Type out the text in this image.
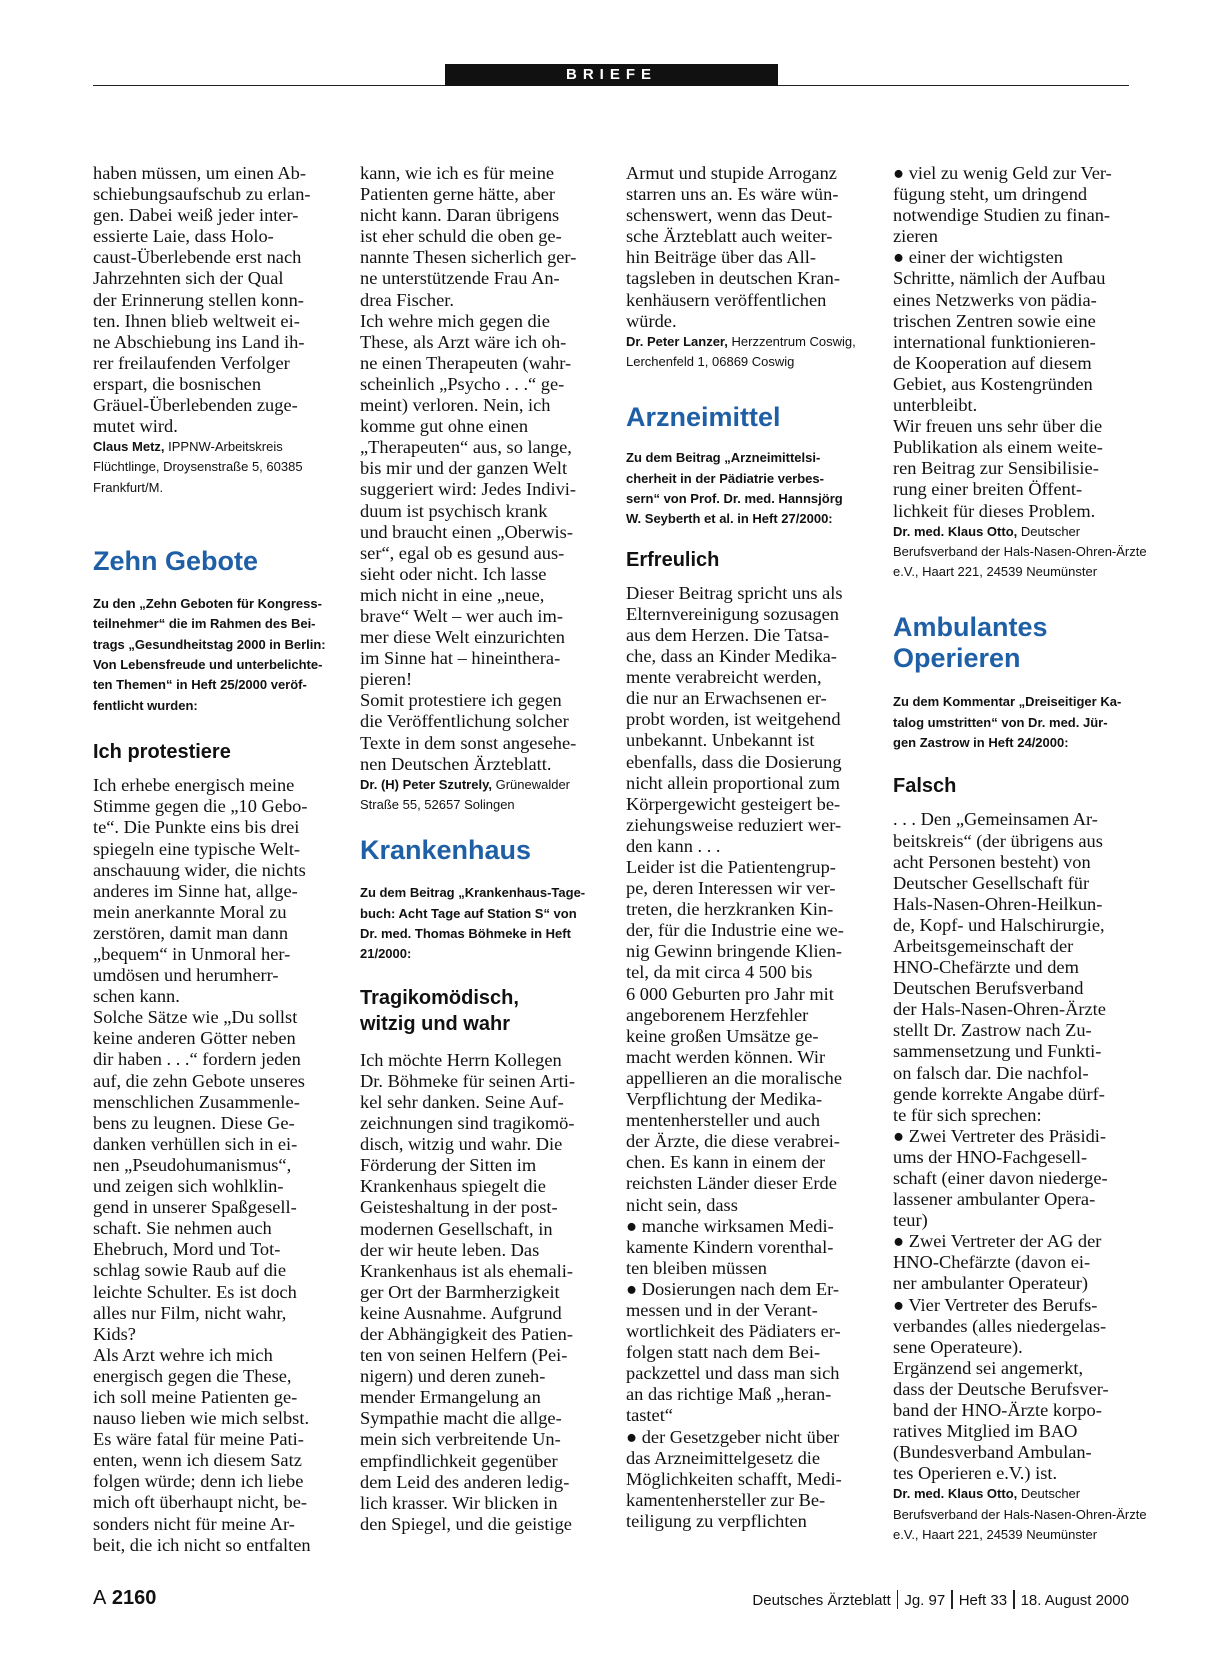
BRIEFE

haben müssen, um einen Ab-
schiebungsaufschub zu erlan-
gen. Dabei weiß jeder inter-
essierte Laie, dass Holo-
caust-Überlebende erst nach
Jahrzehnten sich der Qual
der Erinnerung stellen konn-
ten. Ihnen blieb weltweit ei-
ne Abschiebung ins Land ih-
rer freilaufenden Verfolger
erspart, die bosnischen
Gräuel-Überlebenden zuge-
mutet wird.

Claus Metz, IPPNW-Arbeitskreis
Flüchtlinge, Droysenstraße 5, 60385
Frankfurt/M.

Zehn Gebote

Zu den „Zehn Geboten für Kongress-
teilnehmer“ die im Rahmen des Bei-
trags „Gesundheitstag 2000 in Berlin:
Von Lebensfreude und unterbelichte-
ten Themen“ in Heft 25/2000 veröf-
fentlicht wurden:

Ich protestiere

Ich erhebe energisch meine
Stimme gegen die „10 Gebo-
te“. Die Punkte eins bis drei
spiegeln eine typische Welt-
anschauung wider, die nichts
anderes im Sinne hat, allge-
mein anerkannte Moral zu
zerstören, damit man dann
„bequem“ in Unmoral her-
umdösen und herumherr-
schen kann.
Solche Sätze wie „Du sollst
keine anderen Götter neben
dir haben . . .“ fordern jeden
auf, die zehn Gebote unseres
menschlichen Zusammenle-
bens zu leugnen. Diese Ge-
danken verhüllen sich in ei-
nen „Pseudohumanismus“,
und zeigen sich wohlklin-
gend in unserer Spaßgesell-
schaft. Sie nehmen auch
Ehebruch, Mord und Tot-
schlag sowie Raub auf die
leichte Schulter. Es ist doch
alles nur Film, nicht wahr,
Kids?
Als Arzt wehre ich mich
energisch gegen die These,
ich soll meine Patienten ge-
nauso lieben wie mich selbst.
Es wäre fatal für meine Pati-
enten, wenn ich diesem Satz
folgen würde; denn ich liebe
mich oft überhaupt nicht, be-
sonders nicht für meine Ar-
beit, die ich nicht so entfalten

kann, wie ich es für meine
Patienten gerne hätte, aber
nicht kann. Daran übrigens
ist eher schuld die oben ge-
nannte Thesen sicherlich ger-
ne unterstützende Frau An-
drea Fischer.
Ich wehre mich gegen die
These, als Arzt wäre ich oh-
ne einen Therapeuten (wahr-
scheinlich „Psycho . . .“ ge-
meint) verloren. Nein, ich
komme gut ohne einen
„Therapeuten“ aus, so lange,
bis mir und der ganzen Welt
suggeriert wird: Jedes Indivi-
duum ist psychisch krank
und braucht einen „Oberwis-
ser“, egal ob es gesund aus-
sieht oder nicht. Ich lasse
mich nicht in eine „neue,
brave“ Welt – wer auch im-
mer diese Welt einzurichten
im Sinne hat – hineinthera-
pieren!
Somit protestiere ich gegen
die Veröffentlichung solcher
Texte in dem sonst angesehe-
nen Deutschen Ärzteblatt.

Dr. (H) Peter Szutrely, Grünewalder
Straße 55, 52657 Solingen

Krankenhaus

Zu dem Beitrag „Krankenhaus-Tage-
buch: Acht Tage auf Station S“ von
Dr. med. Thomas Böhmeke in Heft
21/2000:

Tragikomödisch,
witzig und wahr

Ich möchte Herrn Kollegen
Dr. Böhmeke für seinen Arti-
kel sehr danken. Seine Auf-
zeichnungen sind tragikomö-
disch, witzig und wahr. Die
Förderung der Sitten im
Krankenhaus spiegelt die
Geisteshaltung in der post-
modernen Gesellschaft, in
der wir heute leben. Das
Krankenhaus ist als ehemali-
ger Ort der Barmherzigkeit
keine Ausnahme. Aufgrund
der Abhängigkeit des Patien-
ten von seinen Helfern (Pei-
nigern) und deren zuneh-
mender Ermangelung an
Sympathie macht die allge-
mein sich verbreitende Un-
empfindlichkeit gegenüber
dem Leid des anderen ledig-
lich krasser. Wir blicken in
den Spiegel, und die geistige

Armut und stupide Arroganz
starren uns an. Es wäre wün-
schenswert, wenn das Deut-
sche Ärzteblatt auch weiter-
hin Beiträge über das All-
tagsleben in deutschen Kran-
kenhäusern veröffentlichen
würde.

Dr. Peter Lanzer, Herzzentrum Coswig,
Lerchenfeld 1, 06869 Coswig

Arzneimittel

Zu dem Beitrag „Arzneimittelsi-
cherheit in der Pädiatrie verbes-
sern“ von Prof. Dr. med. Hannsjörg
W. Seyberth et al. in Heft 27/2000:

Erfreulich

Dieser Beitrag spricht uns als
Elternvereinigung sozusagen
aus dem Herzen. Die Tatsa-
che, dass an Kinder Medika-
mente verabreicht werden,
die nur an Erwachsenen er-
probt worden, ist weitgehend
unbekannt. Unbekannt ist
ebenfalls, dass die Dosierung
nicht allein proportional zum
Körpergewicht gesteigert be-
ziehungsweise reduziert wer-
den kann . . .
Leider ist die Patientengrup-
pe, deren Interessen wir ver-
treten, die herzkranken Kin-
der, für die Industrie eine we-
nig Gewinn bringende Klien-
tel, da mit circa 4 500 bis
6 000 Geburten pro Jahr mit
angeborenem Herzfehler
keine großen Umsätze ge-
macht werden können. Wir
appellieren an die moralische
Verpflichtung der Medika-
mentenhersteller und auch
der Ärzte, die diese verabrei-
chen. Es kann in einem der
reichsten Länder dieser Erde
nicht sein, dass
● manche wirksamen Medi-
kamente Kindern vorenthal-
ten bleiben müssen
● Dosierungen nach dem Er-
messen und in der Verant-
wortlichkeit des Pädiaters er-
folgen statt nach dem Bei-
packzettel und dass man sich
an das richtige Maß „heran-
tastet“
● der Gesetzgeber nicht über
das Arzneimittelgesetz die
Möglichkeiten schafft, Medi-
kamentenhersteller zur Be-
teiligung zu verpflichten

● viel zu wenig Geld zur Ver-
fügung steht, um dringend
notwendige Studien zu finan-
zieren
● einer der wichtigsten
Schritte, nämlich der Aufbau
eines Netzwerks von pädia-
trischen Zentren sowie eine
international funktionieren-
de Kooperation auf diesem
Gebiet, aus Kostengründen
unterbleibt.
Wir freuen uns sehr über die
Publikation als einem weite-
ren Beitrag zur Sensibilisie-
rung einer breiten Öffent-
lichkeit für dieses Problem.

Dr. med. Klaus Otto, Deutscher
Berufsverband der Hals-Nasen-Ohren-Ärzte
e.V., Haart 221, 24539 Neumünster

Ambulantes
Operieren

Zu dem Kommentar „Dreiseitiger Ka-
talog umstritten“ von Dr. med. Jür-
gen Zastrow in Heft 24/2000:

Falsch

. . . Den „Gemeinsamen Ar-
beitskreis“ (der übrigens aus
acht Personen besteht) von
Deutscher Gesellschaft für
Hals-Nasen-Ohren-Heilkun-
de, Kopf- und Halschirurgie,
Arbeitsgemeinschaft der
HNO-Chefärzte und dem
Deutschen Berufsverband
der Hals-Nasen-Ohren-Ärzte
stellt Dr. Zastrow nach Zu-
sammensetzung und Funkti-
on falsch dar. Die nachfol-
gende korrekte Angabe dürf-
te für sich sprechen:
● Zwei Vertreter des Präsidi-
ums der HNO-Fachgesell-
schaft (einer davon niederge-
lassener ambulanter Opera-
teur)
● Zwei Vertreter der AG der
HNO-Chefärzte (davon ei-
ner ambulanter Operateur)
● Vier Vertreter des Berufs-
verbandes (alles niedergelas-
sene Operateure).
Ergänzend sei angemerkt,
dass der Deutsche Berufsver-
band der HNO-Ärzte korpo-
ratives Mitglied im BAO
(Bundesverband Ambulan-
tes Operieren e.V.) ist.

Dr. med. Klaus Otto, Deutscher
Berufsverband der Hals-Nasen-Ohren-Ärzte
e.V., Haart 221, 24539 Neumünster

A 2160	Deutsches Ärzteblatt Jg. 97 Heft 33 18. August 2000
